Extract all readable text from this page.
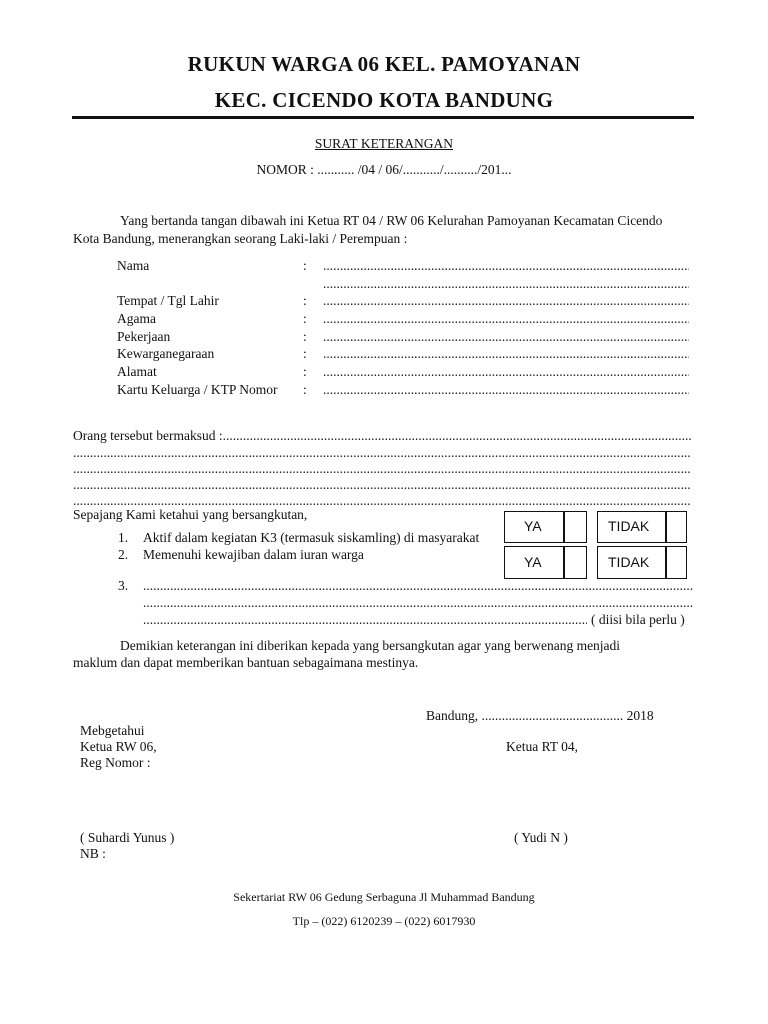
RUKUN WARGA 06 KEL. PAMOYANAN
KEC. CICENDO KOTA BANDUNG
SURAT KETERANGAN
NOMOR : ........... /04 / 06/.........../........../201...
Yang bertanda tangan dibawah ini Ketua RT 04 / RW 06 Kelurahan Pamoyanan Kecamatan Cicendo
Kota Bandung, menerangkan seorang Laki-laki / Perempuan :
Nama	:
.....
.....
Tempat / Tgl Lahir	:
.....
Agama	:
.....
Pekerjaan	:
.....
Kewarganegaraan	:
.....
Alamat	:
.....
Kartu Keluarga / KTP Nomor :
.....
Orang tersebut bermaksud : .....
.....
.....
.....
.....
Sepajang Kami ketahui yang bersangkutan,
1. Aktif dalam kegiatan K3 (termasuk siskamling) di masyarakat
2. Memenuhi kewajiban dalam iuran warga
YA	TIDAK
YA	TIDAK
3.
.....
.....
.....
( diisi bila perlu )
Demikian keterangan ini diberikan kepada yang bersangkutan agar yang berwenang menjadi
maklum dan dapat memberikan bantuan sebagaimana mestinya.
Bandung, .......................................... 2018
Mebgetahui
Ketua RW 06,	Ketua RT 04,
Reg Nomor :
( Suhardi Yunus )	( Yudi N )
NB :
Sekertariat RW 06 Gedung Serbaguna Jl Muhammad Bandung
Tlp – (022) 6120239 – (022) 6017930
